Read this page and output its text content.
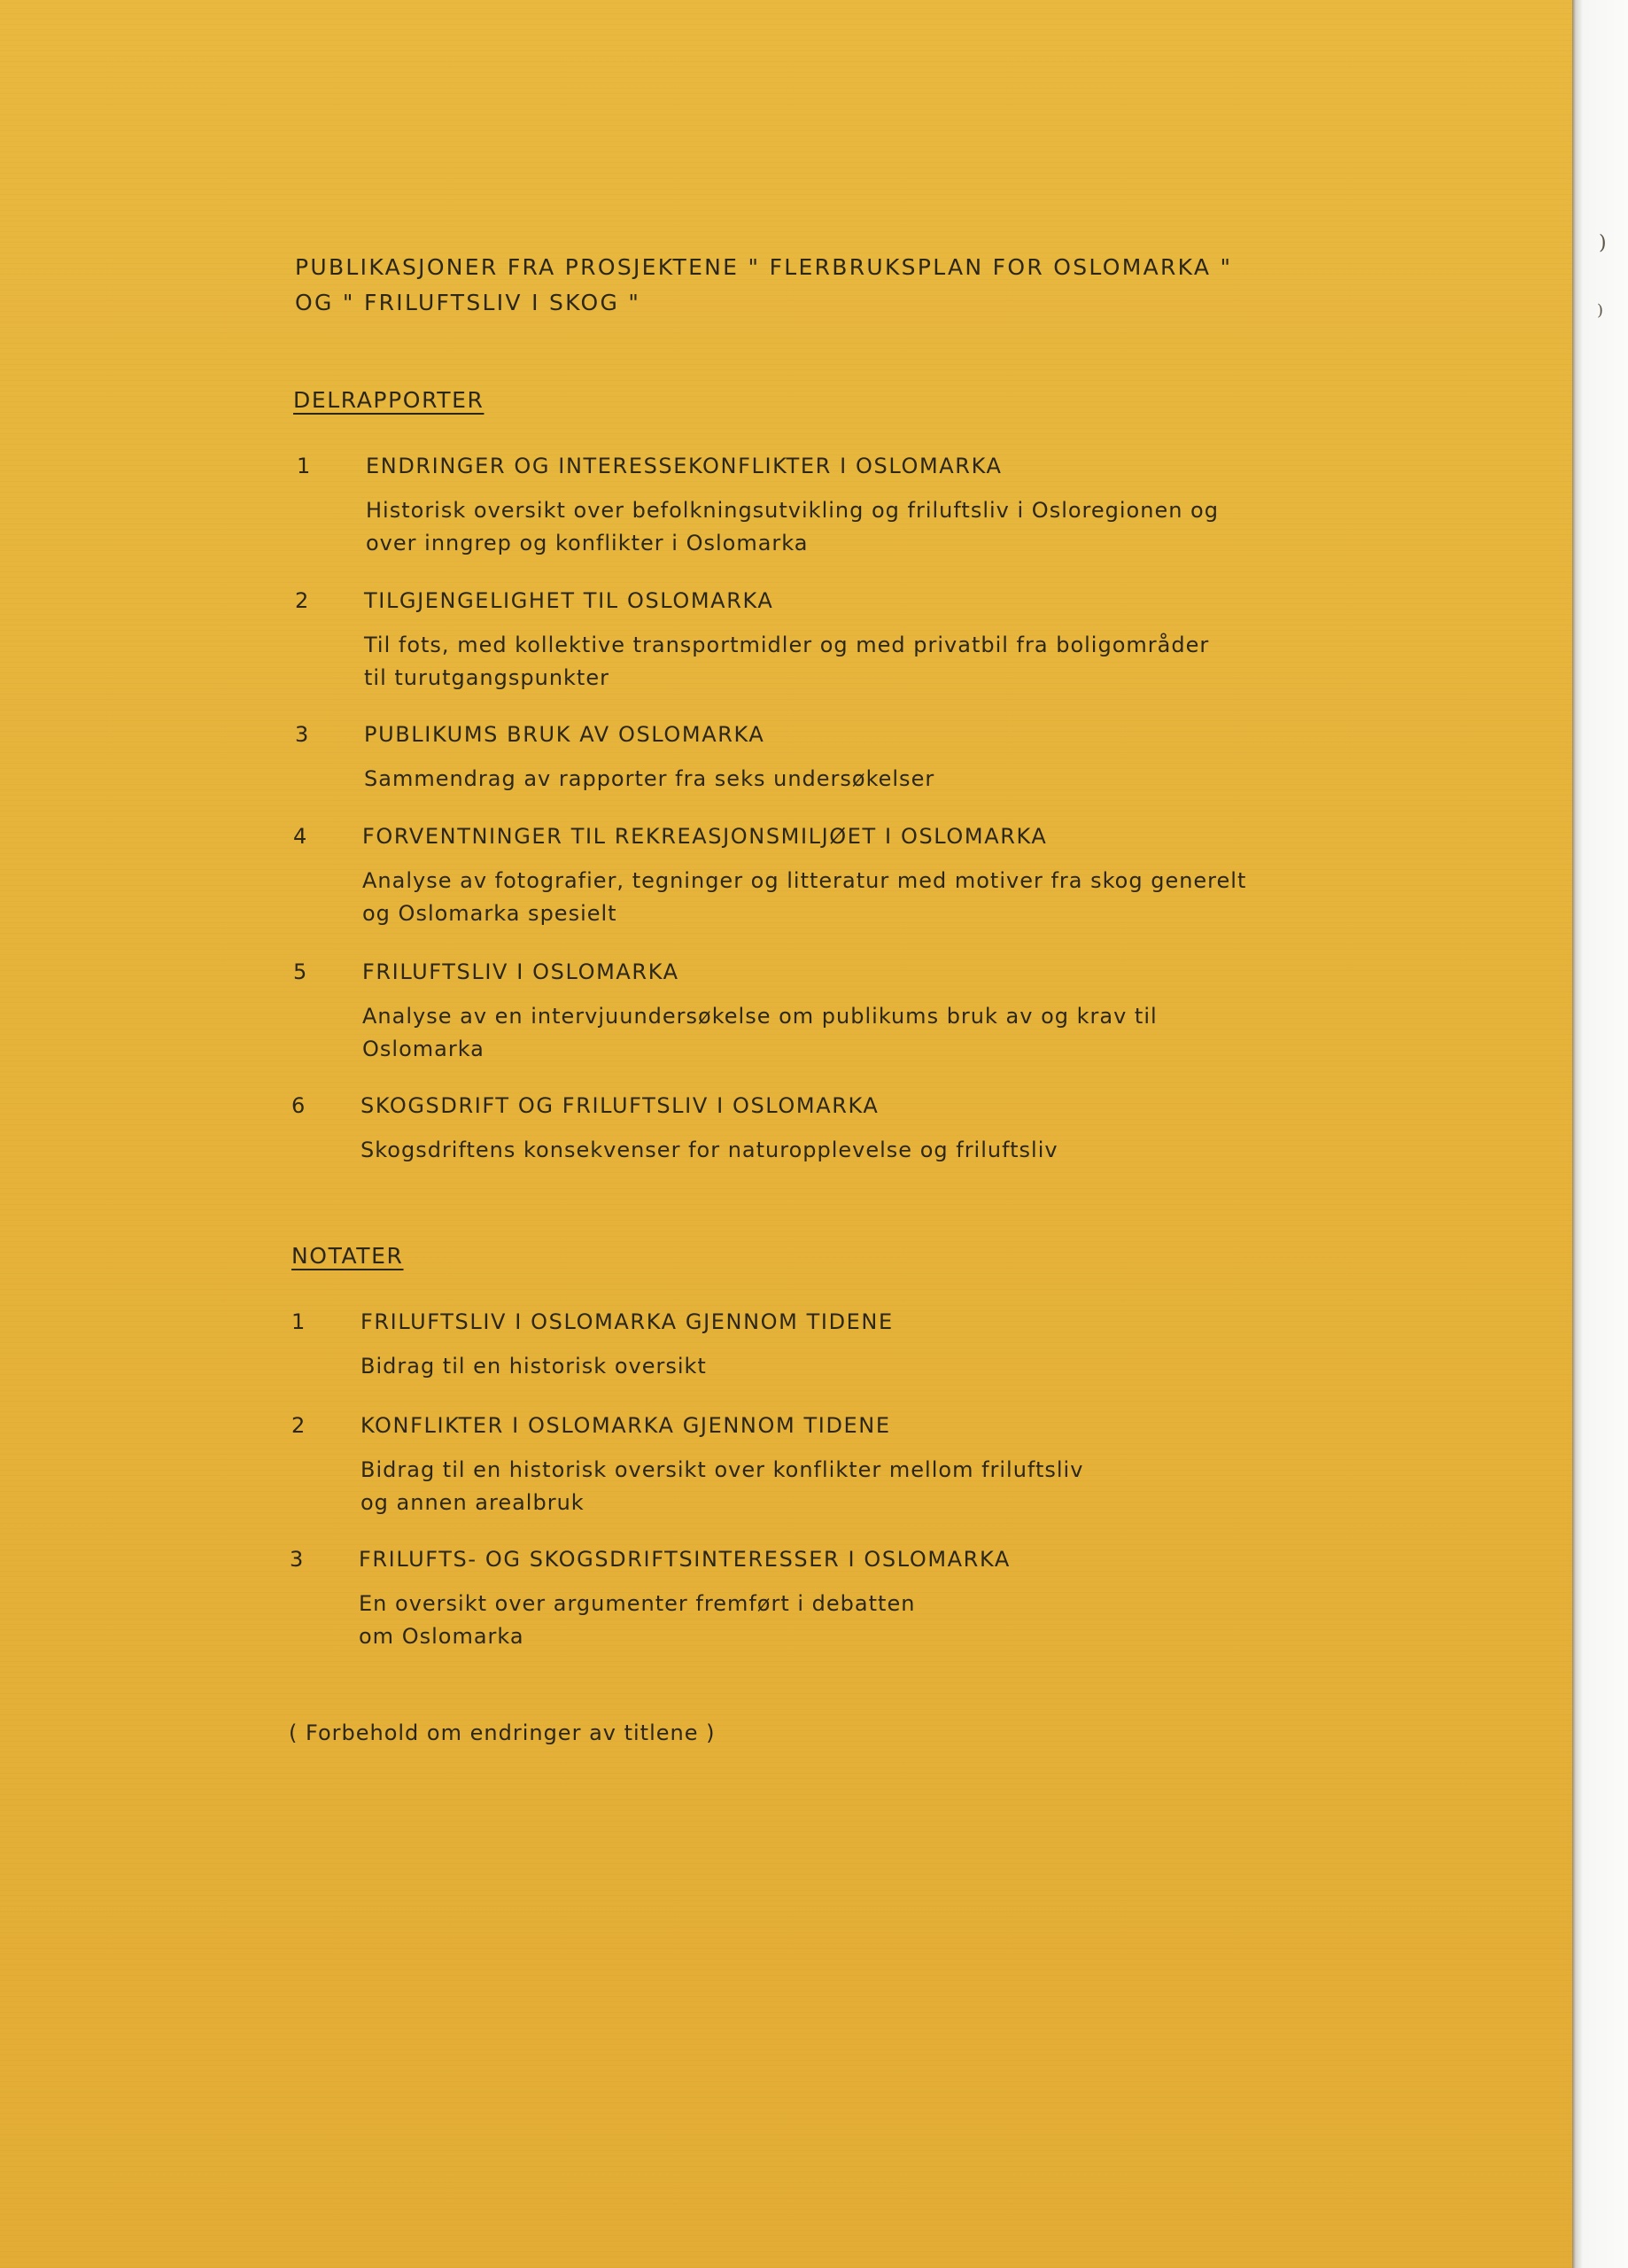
PUBLIKASJONER FRA PROSJEKTENE " FLERBRUKSPLAN FOR OSLOMARKA "
OG " FRILUFTSLIV I SKOG "
DELRAPPORTER
1	ENDRINGER OG INTERESSEKONFLIKTER I OSLOMARKA
Historisk oversikt over befolkningsutvikling og friluftsliv i Osloregionen og
over inngrep og konflikter i Oslomarka
2	TILGJENGELIGHET TIL OSLOMARKA
Til fots, med kollektive transportmidler og med privatbil fra boligområder
til turutgangspunkter
3	PUBLIKUMS BRUK AV OSLOMARKA
Sammendrag av rapporter fra seks undersøkelser
4	FORVENTNINGER TIL REKREASJONSMILJØET I OSLOMARKA
Analyse av fotografier, tegninger og litteratur med motiver fra skog generelt
og Oslomarka spesielt
5	FRILUFTSLIV I OSLOMARKA
Analyse av en intervjuundersøkelse om publikums bruk av og krav til
Oslomarka
6	SKOGSDRIFT OG FRILUFTSLIV I OSLOMARKA
Skogsdriftens konsekvenser for naturopplevelse og friluftsliv
NOTATER
1	FRILUFTSLIV I OSLOMARKA GJENNOM TIDENE
Bidrag til en historisk oversikt
2	KONFLIKTER I OSLOMARKA GJENNOM TIDENE
Bidrag til en historisk oversikt over konflikter mellom friluftsliv
og annen arealbruk
3	FRILUFTS- OG SKOGSDRIFTSINTERESSER I OSLOMARKA
En oversikt over argumenter fremført i debatten
om Oslomarka
( Forbehold om endringer av titlene )
)
)
